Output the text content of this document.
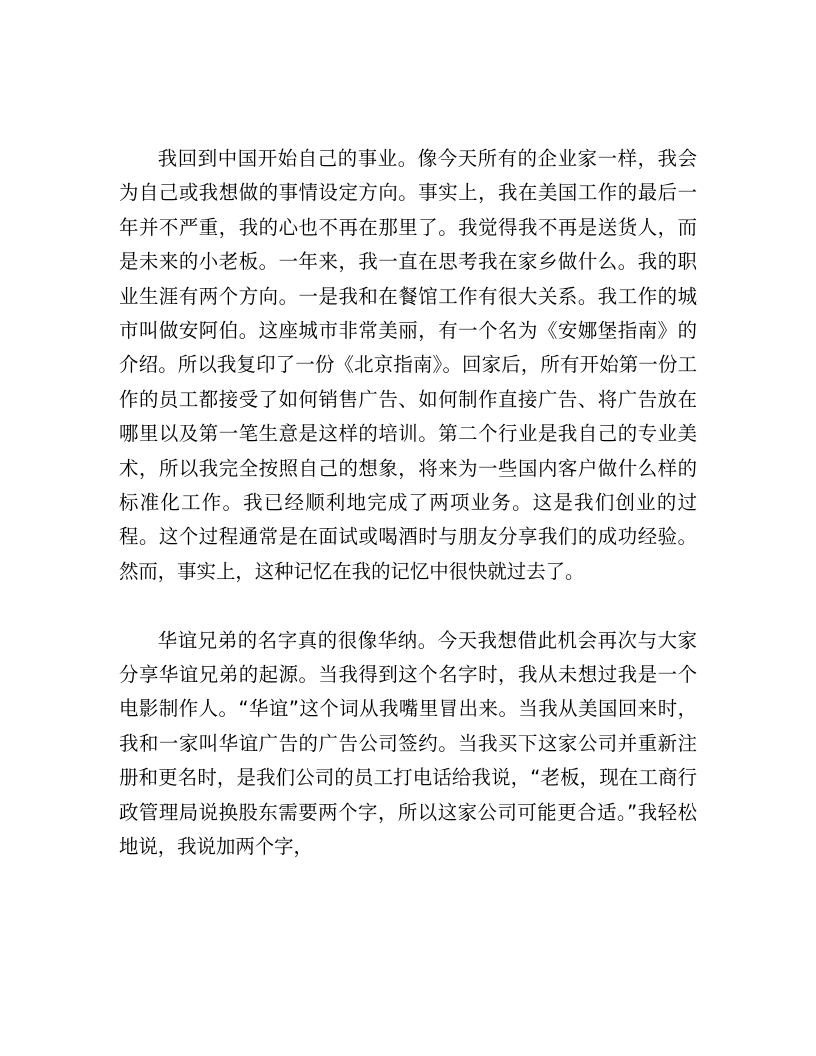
我回到中国开始自己的事业。像今天所有的企业家一样，我会为自己或我想做的事情设定方向。事实上，我在美国工作的最后一年并不严重，我的心也不再在那里了。我觉得我不再是送货人，而是未来的小老板。一年来，我一直在思考我在家乡做什么。我的职业生涯有两个方向。一是我和在餐馆工作有很大关系。我工作的城市叫做安阿伯。这座城市非常美丽，有一个名为《安娜堡指南》的介绍。所以我复印了一份《北京指南》。回家后，所有开始第一份工作的员工都接受了如何销售广告、如何制作直接广告、将广告放在哪里以及第一笔生意是这样的培训。第二个行业是我自己的专业美术，所以我完全按照自己的想象，将来为一些国内客户做什么样的标准化工作。我已经顺利地完成了两项业务。这是我们创业的过程。这个过程通常是在面试或喝酒时与朋友分享我们的成功经验。然而，事实上，这种记忆在我的记忆中很快就过去了。

华谊兄弟的名字真的很像华纳。今天我想借此机会再次与大家分享华谊兄弟的起源。当我得到这个名字时，我从未想过我是一个电影制作人。“华谊”这个词从我嘴里冒出来。当我从美国回来时，我和一家叫华谊广告的广告公司签约。当我买下这家公司并重新注册和更名时，是我们公司的员工打电话给我说，“老板，现在工商行政管理局说换股东需要两个字，所以这家公司可能更合适。”我轻松地说，我说加两个字，
